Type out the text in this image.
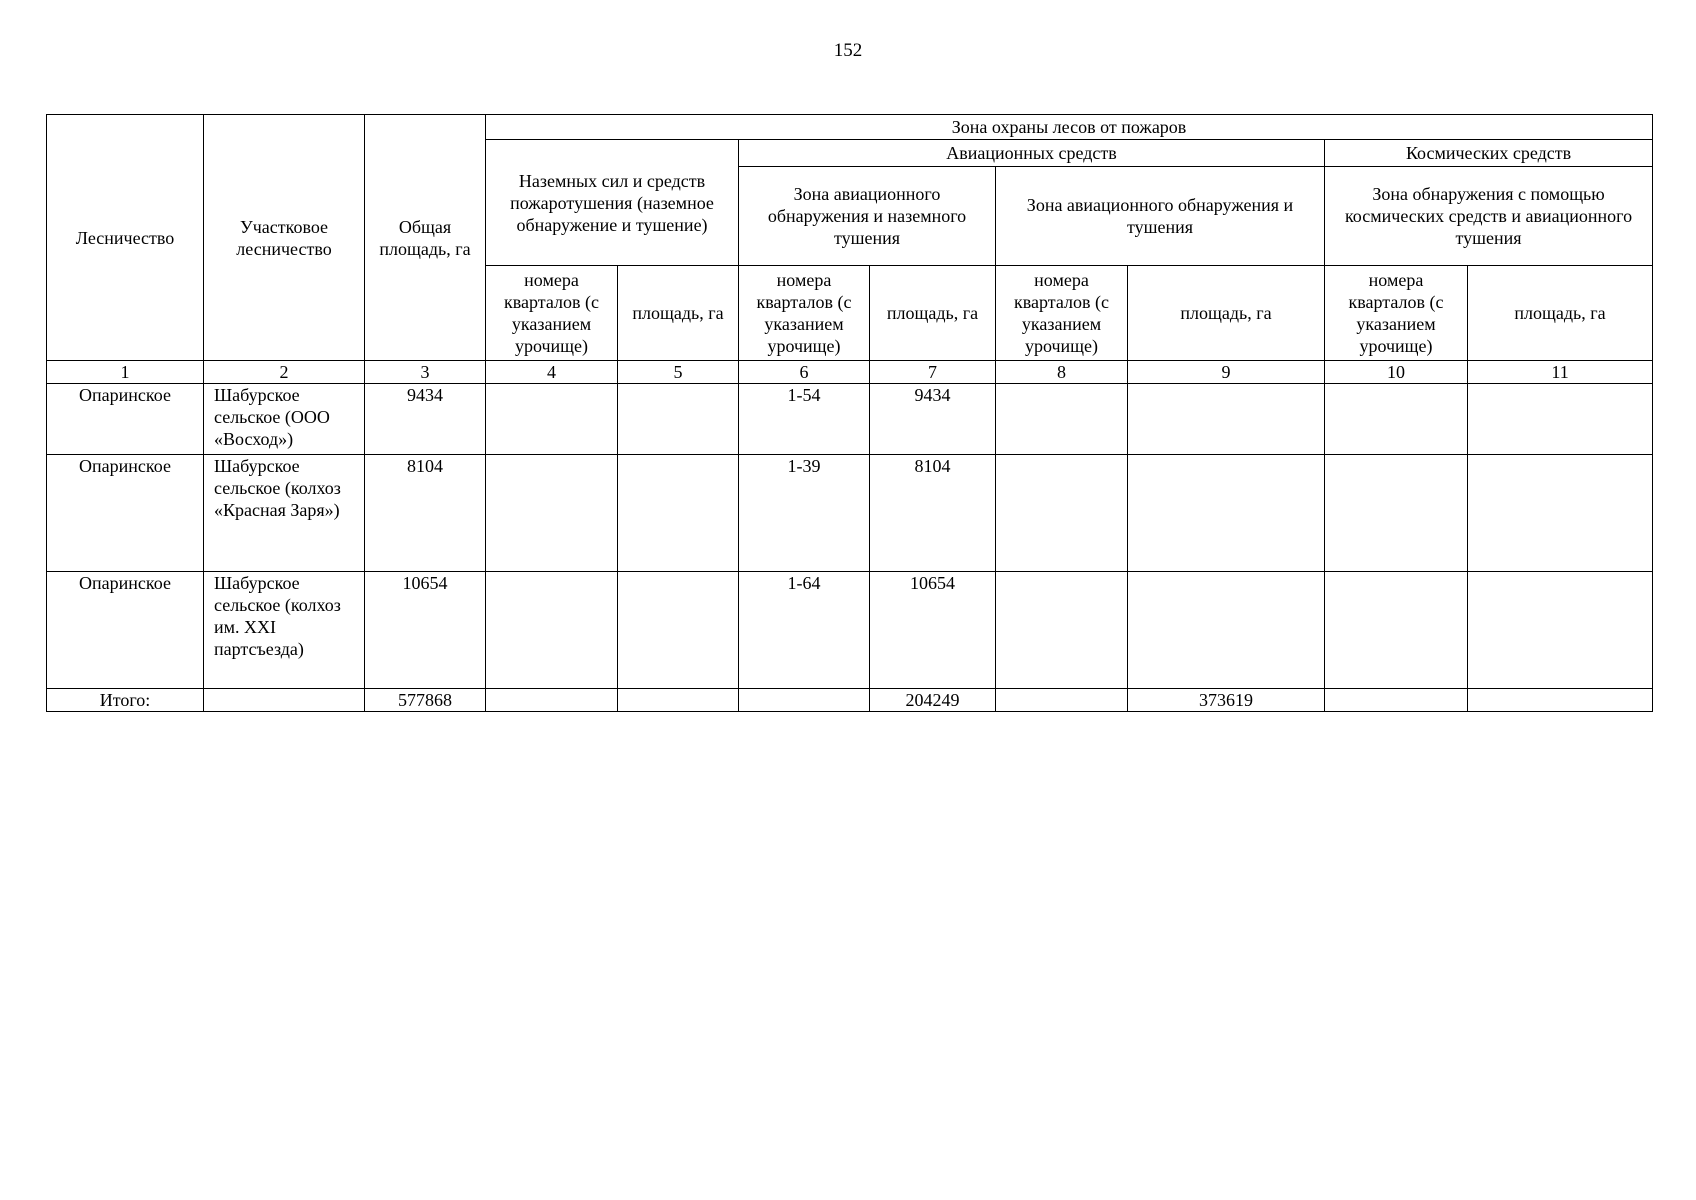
152
Лесничество	Участковое лесничество	Общая площадь, га	Зона охраны лесов от пожаров							
			Наземных сил и средств пожаротушения (наземное обнаружение и тушение)		Авиационных средств				Космических средств	
					Зона авиационного обнаружения и наземного тушения		Зона авиационного обнаружения и тушения		Зона обнаружения с помощью космических средств и авиационного тушения	
			номера кварталов (с указанием урочище)	площадь, га	номера кварталов (с указанием урочище)	площадь, га	номера кварталов (с указанием урочище)	площадь, га	номера кварталов (с указанием урочище)	площадь, га
1	2	3	4	5	6	7	8	9	10	11
Опаринское	Шабурское сельское (ООО «Восход»)	9434			1-54	9434				
Опаринское	Шабурское сельское (колхоз «Красная Заря»)	8104			1-39	8104				
Опаринское	Шабурское сельское (колхоз им. XXI партсъезда)	10654			1-64	10654				
Итого:		577868				204249		373619		
